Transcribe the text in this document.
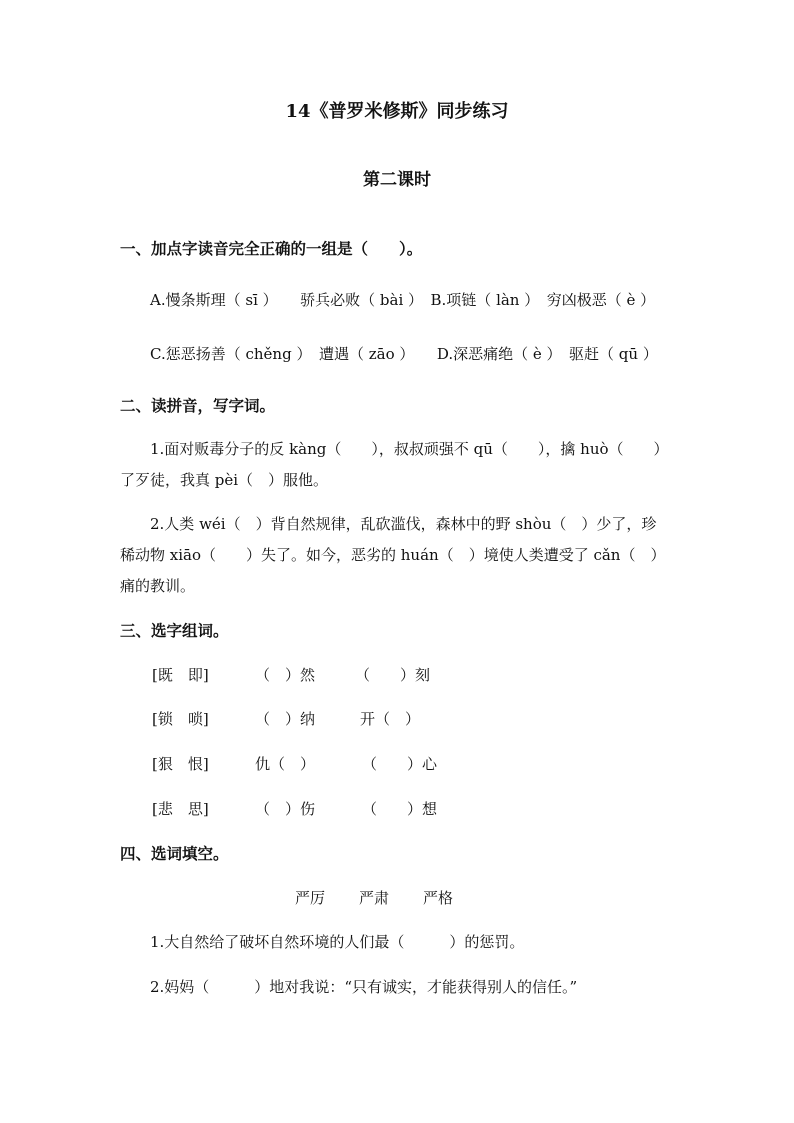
14《普罗米修斯》同步练习
第二课时
一、加点字读音完全正确的一组是（　　）。
A.慢条斯理（ sī ）　　骄兵必败（ bài ）　B.项链（ làn ）　穷凶极恶（ è ）
C.惩恶扬善（ chěng ）　遭遇（ zāo ）　　D.深恶痛绝（ è ）　驱赶（ qū ）
二、读拼音，写字词。
1.面对贩毒分子的反 kàng（　　），叔叔顽强不 qū（　　），擒 huò（　　）
了歹徒，我真 pèi（　）服他。
2.人类 wéi（　）背自然规律，乱砍滥伐，森林中的野 shòu（　）少了，珍
稀动物 xiāo（　　）失了。如今，恶劣的 huán（　）境使人类遭受了 cǎn（　）
痛的教训。
三、选字组词。
[既　即]	（　）然	（　　）刻
[锁　唢]	（　）纳	开（　）
[狠　恨]	仇（　）	（　　）心
[悲　思]	（　）伤	（　　）想
四、选词填空。
严厉 严肃 严格
1.大自然给了破坏自然环境的人们最（　　　）的惩罚。
2.妈妈（　　　）地对我说：“只有诚实，才能获得别人的信任。”
